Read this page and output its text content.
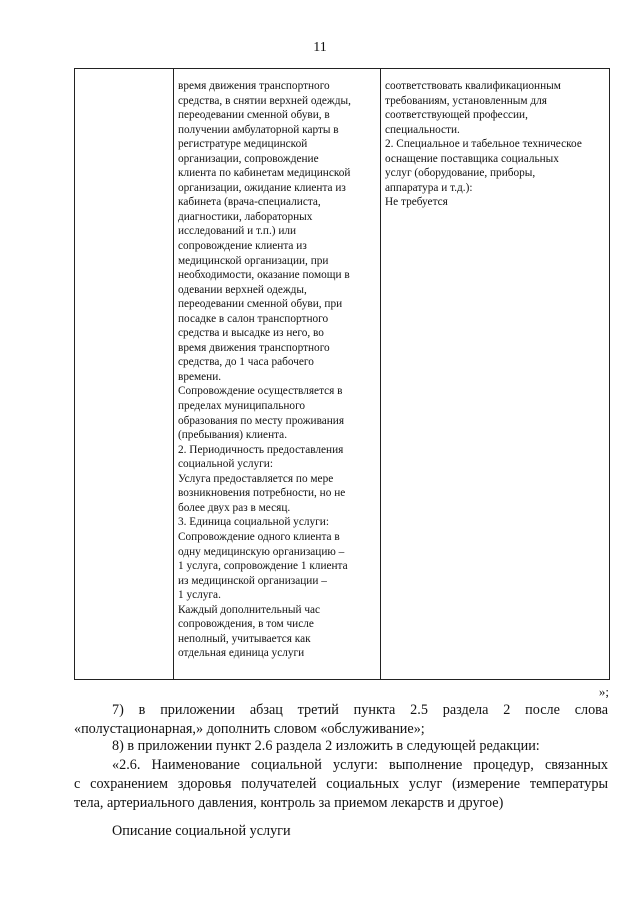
11
время движения транспортного
средства, в снятии верхней одежды,
переодевании сменной обуви, в
получении амбулаторной карты в
регистратуре медицинской
организации, сопровождение
клиента по кабинетам медицинской
организации, ожидание клиента из
кабинета (врача-специалиста,
диагностики, лабораторных
исследований и т.п.) или
сопровождение клиента из
медицинской организации, при
необходимости, оказание помощи в
одевании верхней одежды,
переодевании сменной обуви, при
посадке в салон транспортного
средства и высадке из него, во
время движения транспортного
средства, до 1 часа рабочего
времени.
Сопровождение осуществляется в
пределах муниципального
образования по месту проживания
(пребывания) клиента.
2. Периодичность предоставления
социальной услуги:
Услуга предоставляется по мере
возникновения потребности, но не
более двух раз в месяц.
3. Единица социальной услуги:
Сопровождение одного клиента в
одну медицинскую организацию –
1 услуга, сопровождение 1 клиента
из медицинской организации –
1 услуга.
Каждый дополнительный час
сопровождения, в том числе
неполный, учитывается как
отдельная единица услуги
соответствовать квалификационным
требованиям, установленным для
соответствующей профессии,
специальности.
2. Специальное и табельное техническое
оснащение поставщика социальных
услуг (оборудование, приборы,
аппаратура и т.д.):
Не требуется
»;
7) в приложении абзац третий пункта 2.5 раздела 2 после слова
«полустационарная,» дополнить словом «обслуживание»;
8) в приложении пункт 2.6 раздела 2 изложить в следующей редакции:
«2.6. Наименование социальной услуги: выполнение процедур, связанных
с сохранением здоровья получателей социальных услуг (измерение температуры
тела, артериального давления, контроль за приемом лекарств и другое)
Описание социальной услуги
